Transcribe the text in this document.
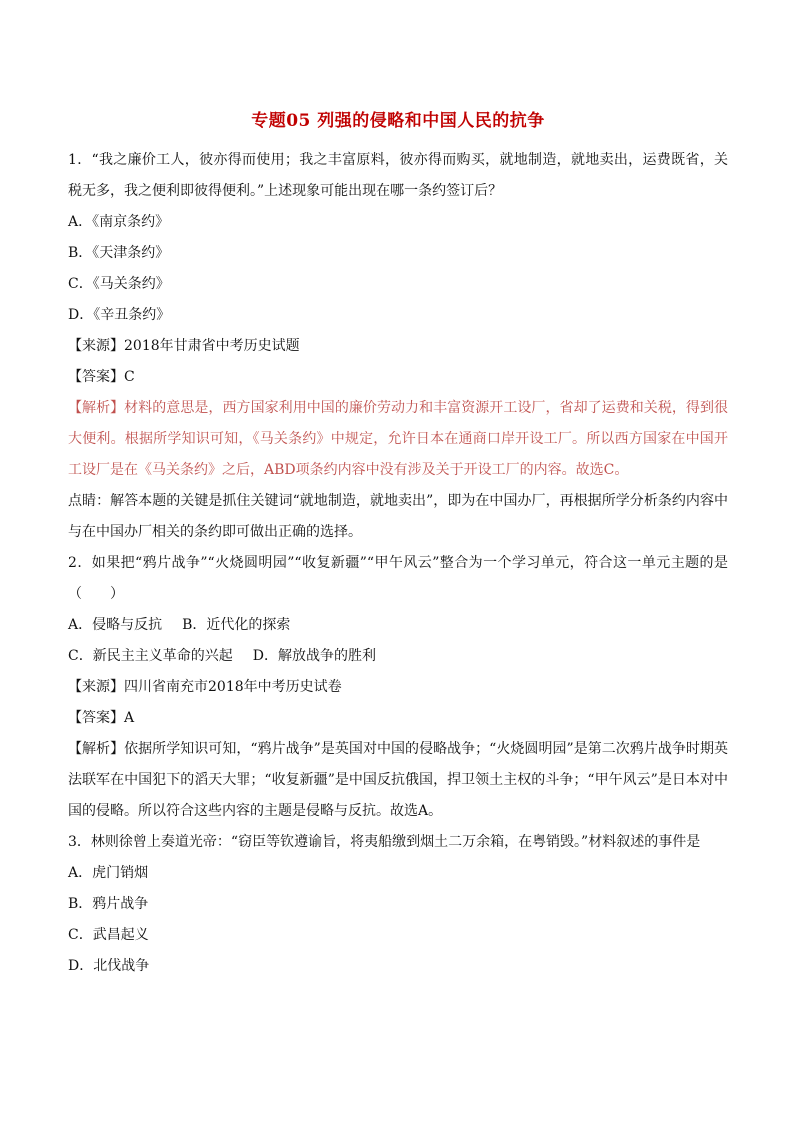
专题05 列强的侵略和中国人民的抗争

1．“我之廉价工人，彼亦得而使用；我之丰富原料，彼亦得而购买，就地制造，就地卖出，运费既省，关税无多，我之便利即彼得便利。”上述现象可能出现在哪一条约签订后？

A．《南京条约》

B．《天津条约》

C．《马关条约》

D．《辛丑条约》

【来源】2018年甘肃省中考历史试题

【答案】C

【解析】材料的意思是，西方国家利用中国的廉价劳动力和丰富资源开工设厂，省却了运费和关税，得到很大便利。根据所学知识可知，《马关条约》中规定，允许日本在通商口岸开设工厂。所以西方国家在中国开工设厂是在《马关条约》之后，ABD项条约内容中没有涉及关于开设工厂的内容。故选C。

点睛：解答本题的关键是抓住关键词“就地制造，就地卖出”，即为在中国办厂，再根据所学分析条约内容中与在中国办厂相关的条约即可做出正确的选择。

2．如果把“鸦片战争”“火烧圆明园”“收复新疆”“甲午风云”整合为一个学习单元，符合这一单元主题的是（　　）

A．侵略与反抗 B．近代化的探索

C．新民主主义革命的兴起 D．解放战争的胜利

【来源】四川省南充市2018年中考历史试卷

【答案】A

【解析】依据所学知识可知，“鸦片战争”是英国对中国的侵略战争；“火烧圆明园”是第二次鸦片战争时期英法联军在中国犯下的滔天大罪；“收复新疆”是中国反抗俄国，捍卫领土主权的斗争；“甲午风云”是日本对中国的侵略。所以符合这些内容的主题是侵略与反抗。故选A。

3．林则徐曾上奏道光帝：“窃臣等钦遵谕旨，将夷船缴到烟土二万余箱，在粤销毁。”材料叙述的事件是

A．虎门销烟

B．鸦片战争

C．武昌起义

D．北伐战争
